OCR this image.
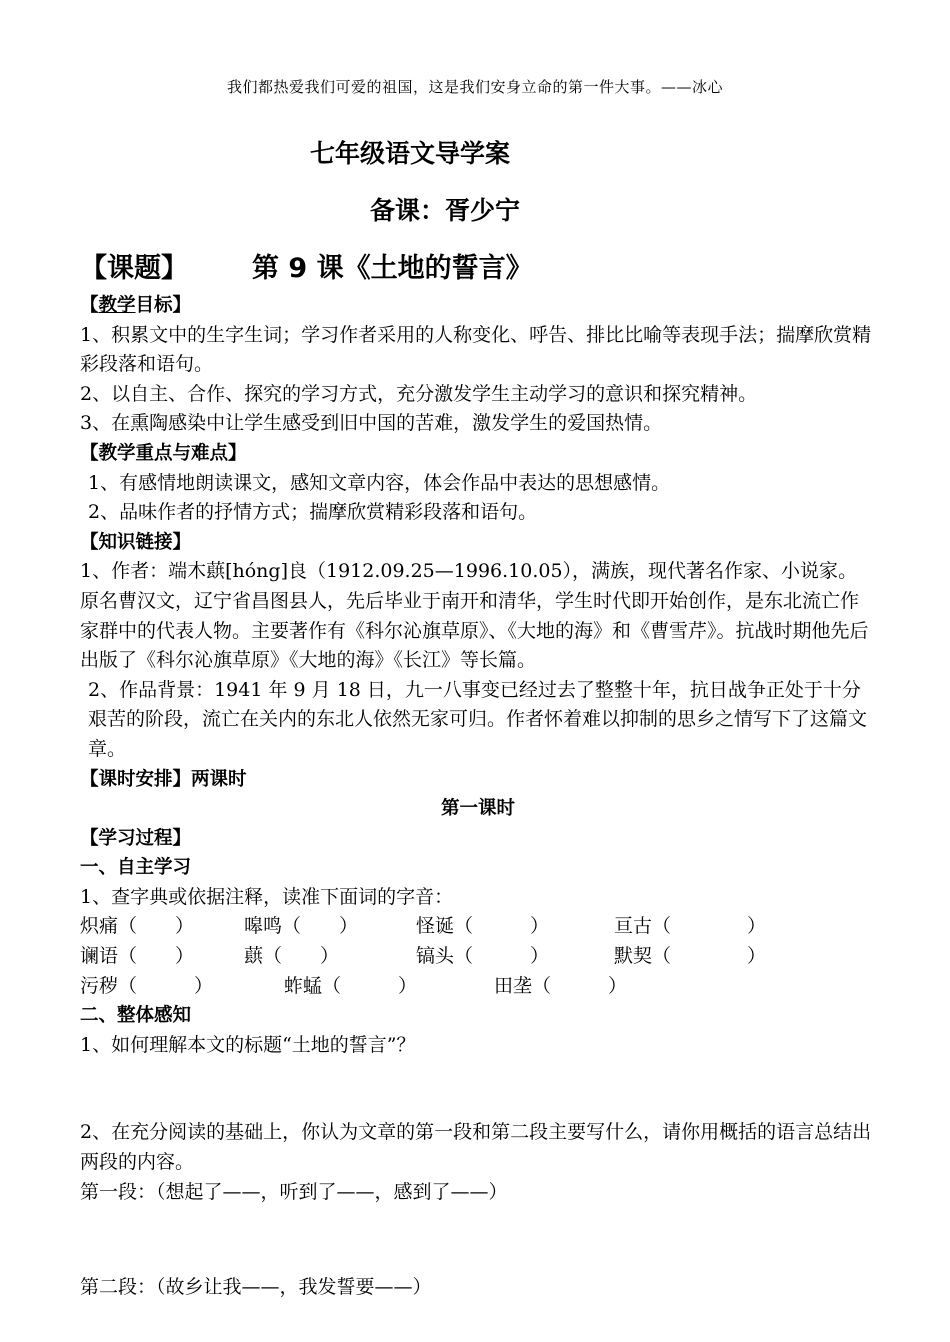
我们都热爱我们可爱的祖国，这是我们安身立命的第一件大事。——冰心
七年级语文导学案
备课：胥少宁
【课题】 第 9 课《土地的誓言》

【教学目标】

1、积累文中的生字生词；学习作者采用的人称变化、呼告、排比比喻等表现手法；揣摩欣赏精彩段落和语句。

2、以自主、合作、探究的学习方式，充分激发学生主动学习的意识和探究精神。

3、在熏陶感染中让学生感受到旧中国的苦难，激发学生的爱国热情。

【教学重点与难点】

1、有感情地朗读课文，感知文章内容，体会作品中表达的思想感情。

2、品味作者的抒情方式；揣摩欣赏精彩段落和语句。

【知识链接】

1、作者：端木蕻[hóng]良（1912.09.25—1996.10.05），满族，现代著名作家、小说家。原名曹汉文，辽宁省昌图县人，先后毕业于南开和清华，学生时代即开始创作，是东北流亡作家群中的代表人物。主要著作有《科尔沁旗草原》、《大地的海》和《曹雪芹》。抗战时期他先后出版了《科尔沁旗草原》《大地的海》《长江》等长篇。

2、作品背景：1941 年 9 月 18 日，九一八事变已经过去了整整十年，抗日战争正处于十分艰苦的阶段，流亡在关内的东北人依然无家可归。作者怀着难以抑制的思乡之情写下了这篇文章。

【课时安排】两课时

第一课时

【学习过程】

一、自主学习

1、查字典或依据注释，读准下面词的字音：

炽痛（　　）	嗥鸣（　　）	怪诞（　　　）	亘古（　　　　）
谰语（　　）	蕻（　　）	镐头（　　　）	默契（　　　　）
污秽（　　　）	蚱蜢（　　　）	田垄（　　　）

二、整体感知

1、如何理解本文的标题“土地的誓言”？

2、在充分阅读的基础上，你认为文章的第一段和第二段主要写什么，请你用概括的语言总结出两段的内容。

第一段：（想起了——，听到了——，感到了——）

第二段：（故乡让我——，我发誓要——）
